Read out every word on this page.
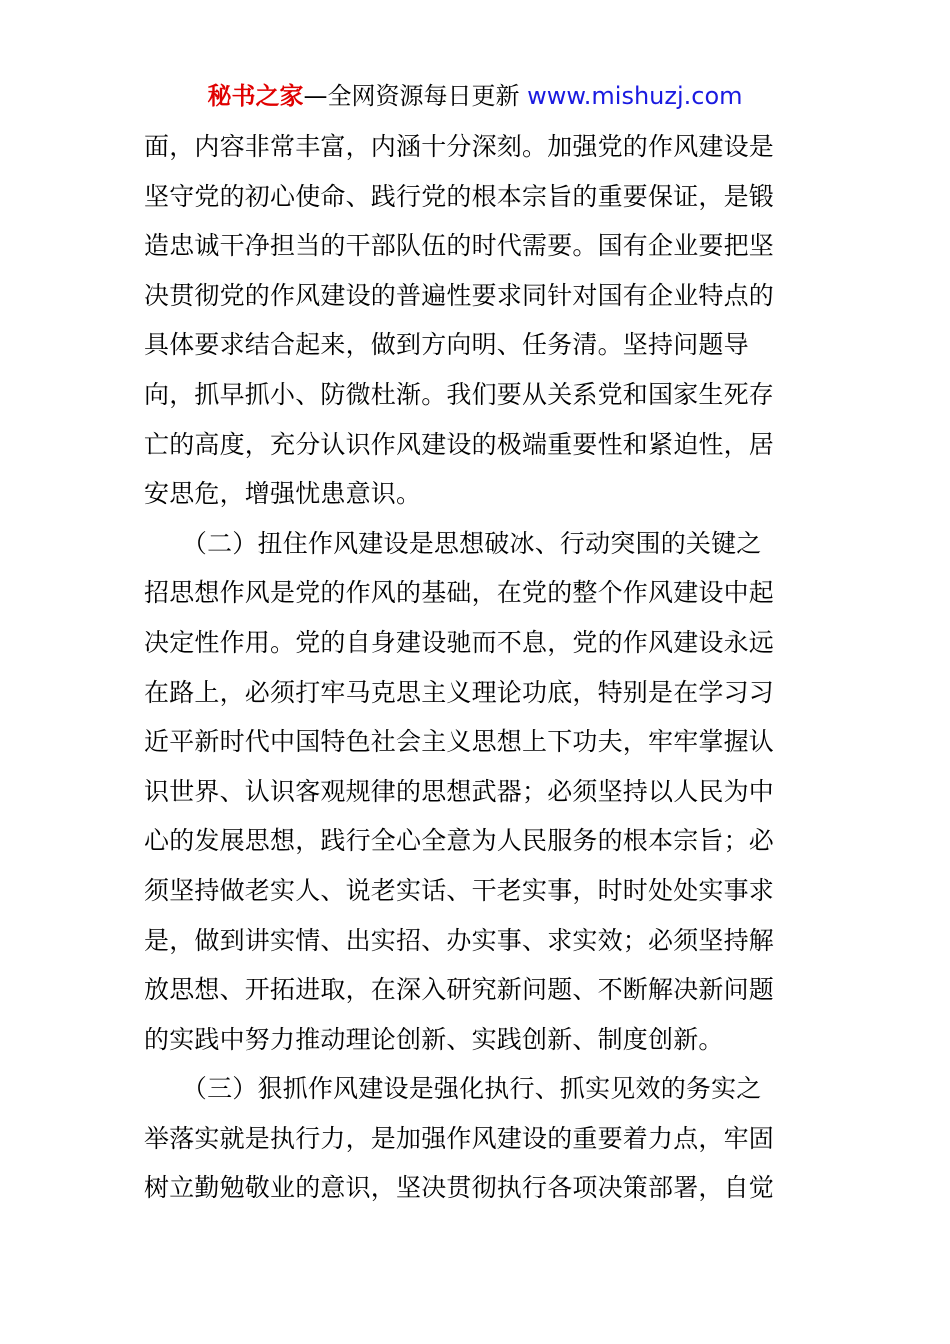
秘书之家—全网资源每日更新 www.mishuzj.com
面，内容非常丰富，内涵十分深刻。加强党的作风建设是
坚守党的初心使命、践行党的根本宗旨的重要保证，是锻
造忠诚干净担当的干部队伍的时代需要。国有企业要把坚
决贯彻党的作风建设的普遍性要求同针对国有企业特点的
具体要求结合起来，做到方向明、任务清。坚持问题导
向，抓早抓小、防微杜渐。我们要从关系党和国家生死存
亡的高度，充分认识作风建设的极端重要性和紧迫性，居
安思危，增强忧患意识。
　　（二）扭住作风建设是思想破冰、行动突围的关键之
招思想作风是党的作风的基础，在党的整个作风建设中起
决定性作用。党的自身建设驰而不息，党的作风建设永远
在路上，必须打牢马克思主义理论功底，特别是在学习习
近平新时代中国特色社会主义思想上下功夫，牢牢掌握认
识世界、认识客观规律的思想武器；必须坚持以人民为中
心的发展思想，践行全心全意为人民服务的根本宗旨；必
须坚持做老实人、说老实话、干老实事，时时处处实事求
是，做到讲实情、出实招、办实事、求实效；必须坚持解
放思想、开拓进取，在深入研究新问题、不断解决新问题
的实践中努力推动理论创新、实践创新、制度创新。
　　（三）狠抓作风建设是强化执行、抓实见效的务实之
举落实就是执行力，是加强作风建设的重要着力点，牢固
树立勤勉敬业的意识，坚决贯彻执行各项决策部署，自觉
